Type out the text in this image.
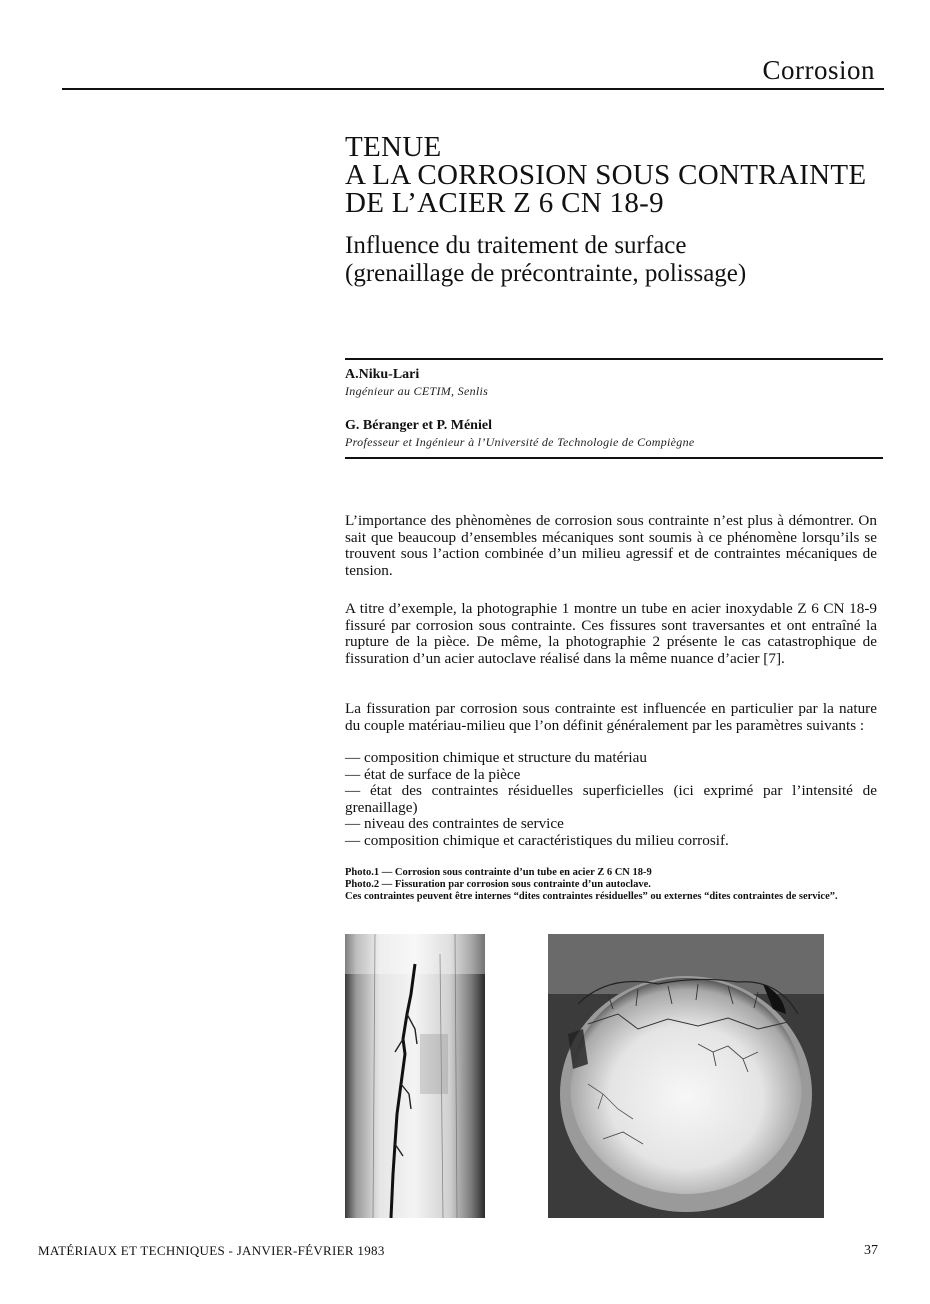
Corrosion
TENUE
A LA CORROSION SOUS CONTRAINTE
DE L’ACIER Z 6 CN 18-9
Influence du traitement de surface
(grenaillage de précontrainte, polissage)
A.Niku-Lari
Ingénieur au CETIM, Senlis
G. Béranger et P. Méniel
Professeur et Ingénieur à l’Université de Technologie de Compiègne
L’importance des phènomènes de corrosion sous contrainte n’est plus à démontrer. On sait que beaucoup d’ensembles mécaniques sont soumis à ce phénomène lorsqu’ils se trouvent sous l’action combinée d’un milieu agressif et de contraintes mécaniques de tension.
A titre d’exemple, la photographie 1 montre un tube en acier inoxydable Z 6 CN 18-9 fissuré par corrosion sous contrainte. Ces fissures sont traversantes et ont entraîné la rupture de la pièce. De même, la photographie 2 présente le cas catastrophique de fissuration d’un acier autoclave réalisé dans la même nuance d’acier [7].
La fissuration par corrosion sous contrainte est influencée en particulier par la nature du couple matériau-milieu que l’on définit généralement par les paramètres suivants :
— composition chimique et structure du matériau
— état de surface de la pièce
— état des contraintes résiduelles superficielles (ici exprimé par l’intensité de grenaillage)
— niveau des contraintes de service
— composition chimique et caractéristiques du milieu corrosif.
Photo.1 — Corrosion sous contrainte d’un tube en acier Z 6 CN 18-9
Photo.2 — Fissuration par corrosion sous contrainte d’un autoclave.
Ces contraintes peuvent être internes “dites contraintes résiduelles” ou externes “dites contraintes de service”.
MATÉRIAUX ET TECHNIQUES - JANVIER-FÉVRIER 1983	37
